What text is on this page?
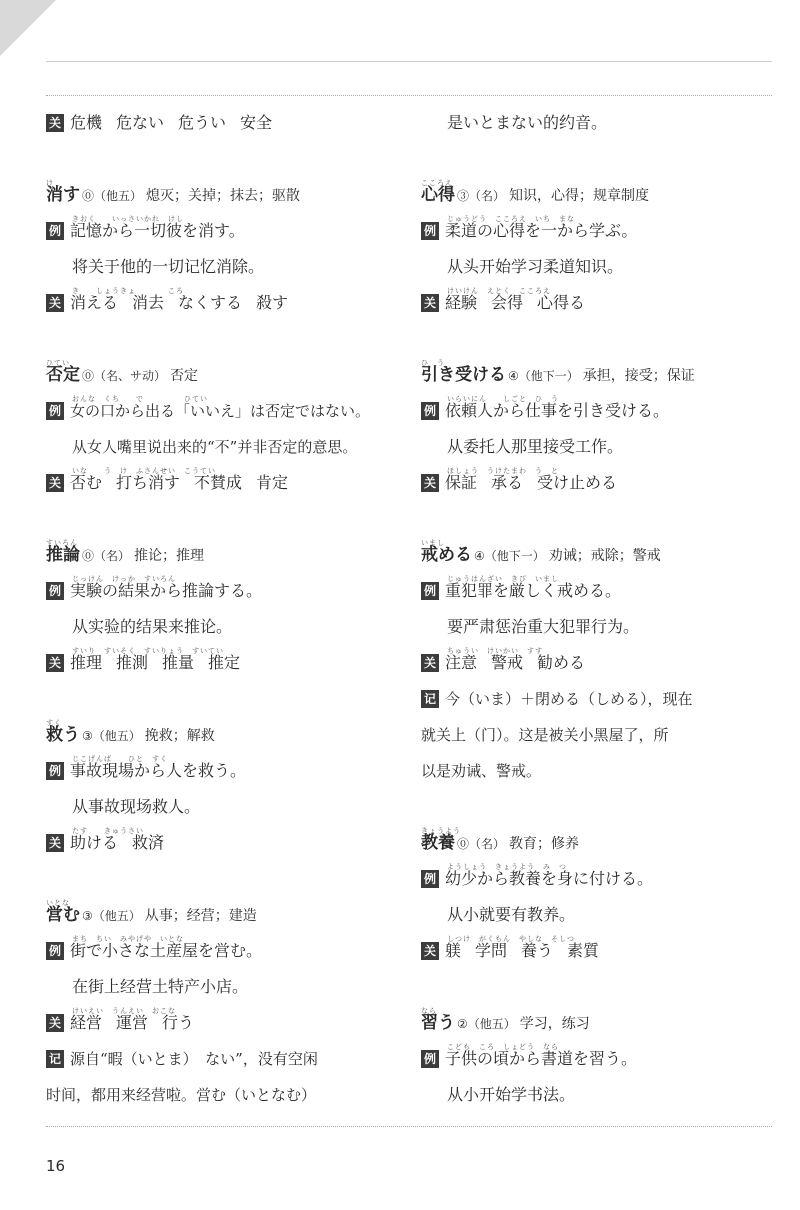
关 危機 危ない 危うい 安全
け
消す ⓪（他五） 熄灭；关掉；抹去；驱散
例
きおく　　いっさいかれ　けし
記憶から一切彼を消す。
将关于他的一切记忆消除。
关
き　　しょうきょ　　　　ころ
消える 消去 なくする 殺す
ひてい
否定 ⓪（名、サ动） 否定
例
おんな　くち　　で　　　　　ひてい
女の口から出る「いいえ」は否定ではない。
从女人嘴里说出来的“不”并非否定的意思。
关
いな　　う　け　ふさんせい　こうてい
否む 打ち消す 不賛成 肯定
すいろん
推論 ⓪（名） 推论；推理
例
じっけん　けっか　すいろん
実験の結果から推論する。
从实验的结果来推论。
关
すいり　すいそく　すいりょう　すいてい
推理 推測 推量 推定
すく
救う ③（他五） 挽救；解救
例
じこげんば　　ひと　すく
事故現場から人を救う。
从事故现场救人。
关
たす　　きゅうさい
助ける 救済
いとな
営む ③（他五） 从事；经营；建造
例
まち　ちい　みやげや　いとな
街で小さな土産屋を営む。
在街上经营土特产小店。
关
けいえい　うんえい　おこな
経営 運営 行う
记 源自“暇（いとま）　ない”，没有空闲
时间，都用来经营啦。営む（いとなむ）
是いとまない的约音。
こころえ
心得 ③（名） 知识，心得；规章制度
例
じゅうどう　こころえ　いち　まな
柔道の心得を一から学ぶ。
从头开始学习柔道知识。
关
けいけん　えとく　こころえ
経験 会得 心得る
ひ　う
引き受ける ④（他下一） 承担，接受；保证
例
いらいにん　　しごと　ひ　う
依頼人から仕事を引き受ける。
从委托人那里接受工作。
关
ほしょう　うけたまわ　う　と
保証 承る 受け止める
いまし
戒める ④（他下一） 劝诫；戒除；警戒
例
じゅうはんざい　きび　いまし
重犯罪を厳しく戒める。
要严肃惩治重大犯罪行为。
关
ちゅうい　けいかい　すす
注意 警戒 勧める
记 今（いま）＋閉める（しめる），现在
就关上（门）。这是被关小黑屋了，所
以是劝诫、警戒。
きょうよう
教養 ⓪（名） 教育；修养
例
ようしょう　きょうよう　み　つ
幼少から教養を身に付ける。
从小就要有教养。
关
しつけ　がくもん　やしな　そしつ
躾 学問 養う 素質
なら
習う ②（他五） 学习，练习
例
こども　ころ　しょどう　なら
子供の頃から書道を習う。
从小开始学书法。
16
